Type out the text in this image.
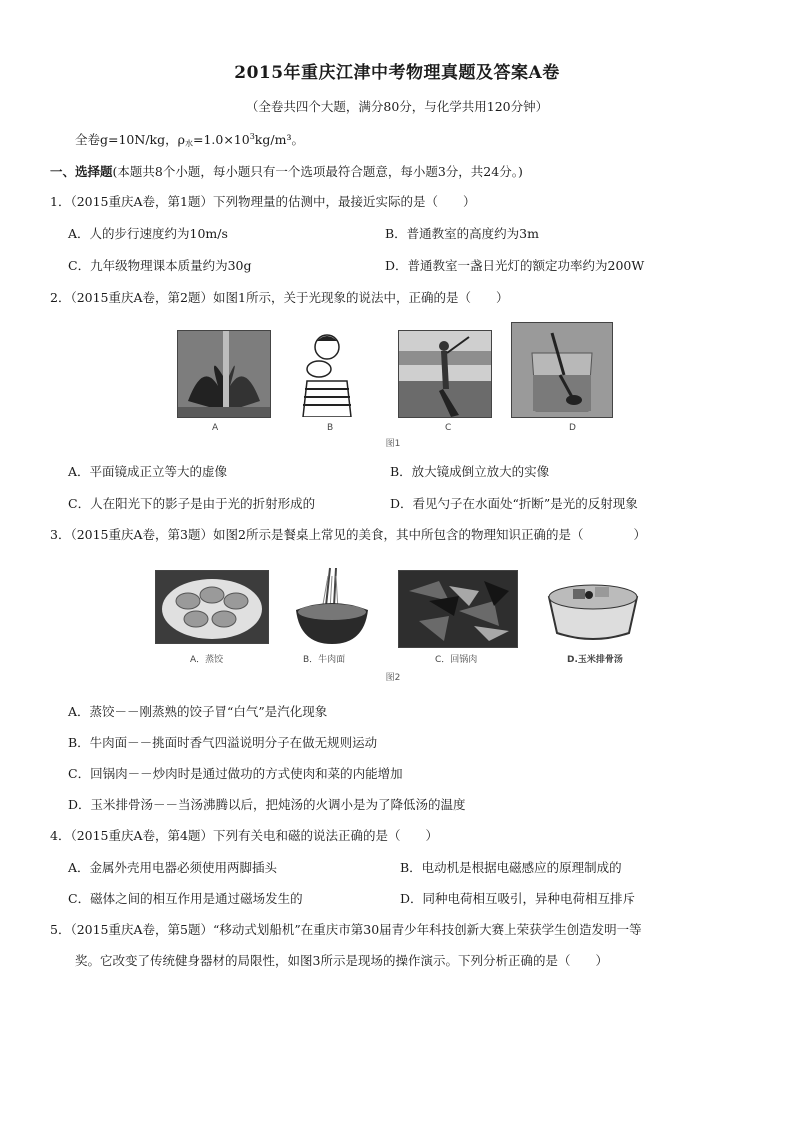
2015年重庆江津中考物理真题及答案A卷
（全卷共四个大题，满分80分，与化学共用120分钟）
全卷g=10N/kg，$\rho_水=1.0\times 10^3kg/m^3$。
一、选择题(本题共8个小题，每小题只有一个选项最符合题意，每小题3分，共24分。)
1．（2015重庆A卷，第1题）下列物理量的估测中，最接近实际的是（　　）
A．人的步行速度约为10m/s	B．普通教室的高度约为3m
C．九年级物理课本质量约为30g	D．普通教室一盏日光灯的额定功率约为200W
2．（2015重庆A卷，第2题）如图1所示，关于光现象的说法中，正确的是（　　）
A	B	C	D
图1
A．平面镜成正立等大的虚像	B．放大镜成倒立放大的实像
C．人在阳光下的影子是由于光的折射形成的	D．看见勺子在水面处“折断”是光的反射现象
3．（2015重庆A卷，第3题）如图2所示是餐桌上常见的美食，其中所包含的物理知识正确的是（　　　　）
A．蒸饺	B．牛肉面	C．回锅肉	D.玉米排骨汤
图2
A．蒸饺－－刚蒸熟的饺子冒“白气”是汽化现象
B．牛肉面－－挑面时香气四溢说明分子在做无规则运动
C．回锅肉－－炒肉时是通过做功的方式使肉和菜的内能增加
D．玉米排骨汤－－当汤沸腾以后，把炖汤的火调小是为了降低汤的温度
4．（2015重庆A卷，第4题）下列有关电和磁的说法正确的是（　　）
A．金属外壳用电器必须使用两脚插头	B．电动机是根据电磁感应的原理制成的
C．磁体之间的相互作用是通过磁场发生的	D．同种电荷相互吸引，异种电荷相互排斥
5．（2015重庆A卷，第5题）“移动式划船机”在重庆市第30届青少年科技创新大赛上荣获学生创造发明一等
奖。它改变了传统健身器材的局限性，如图3所示是现场的操作演示。下列分析正确的是（　　）
